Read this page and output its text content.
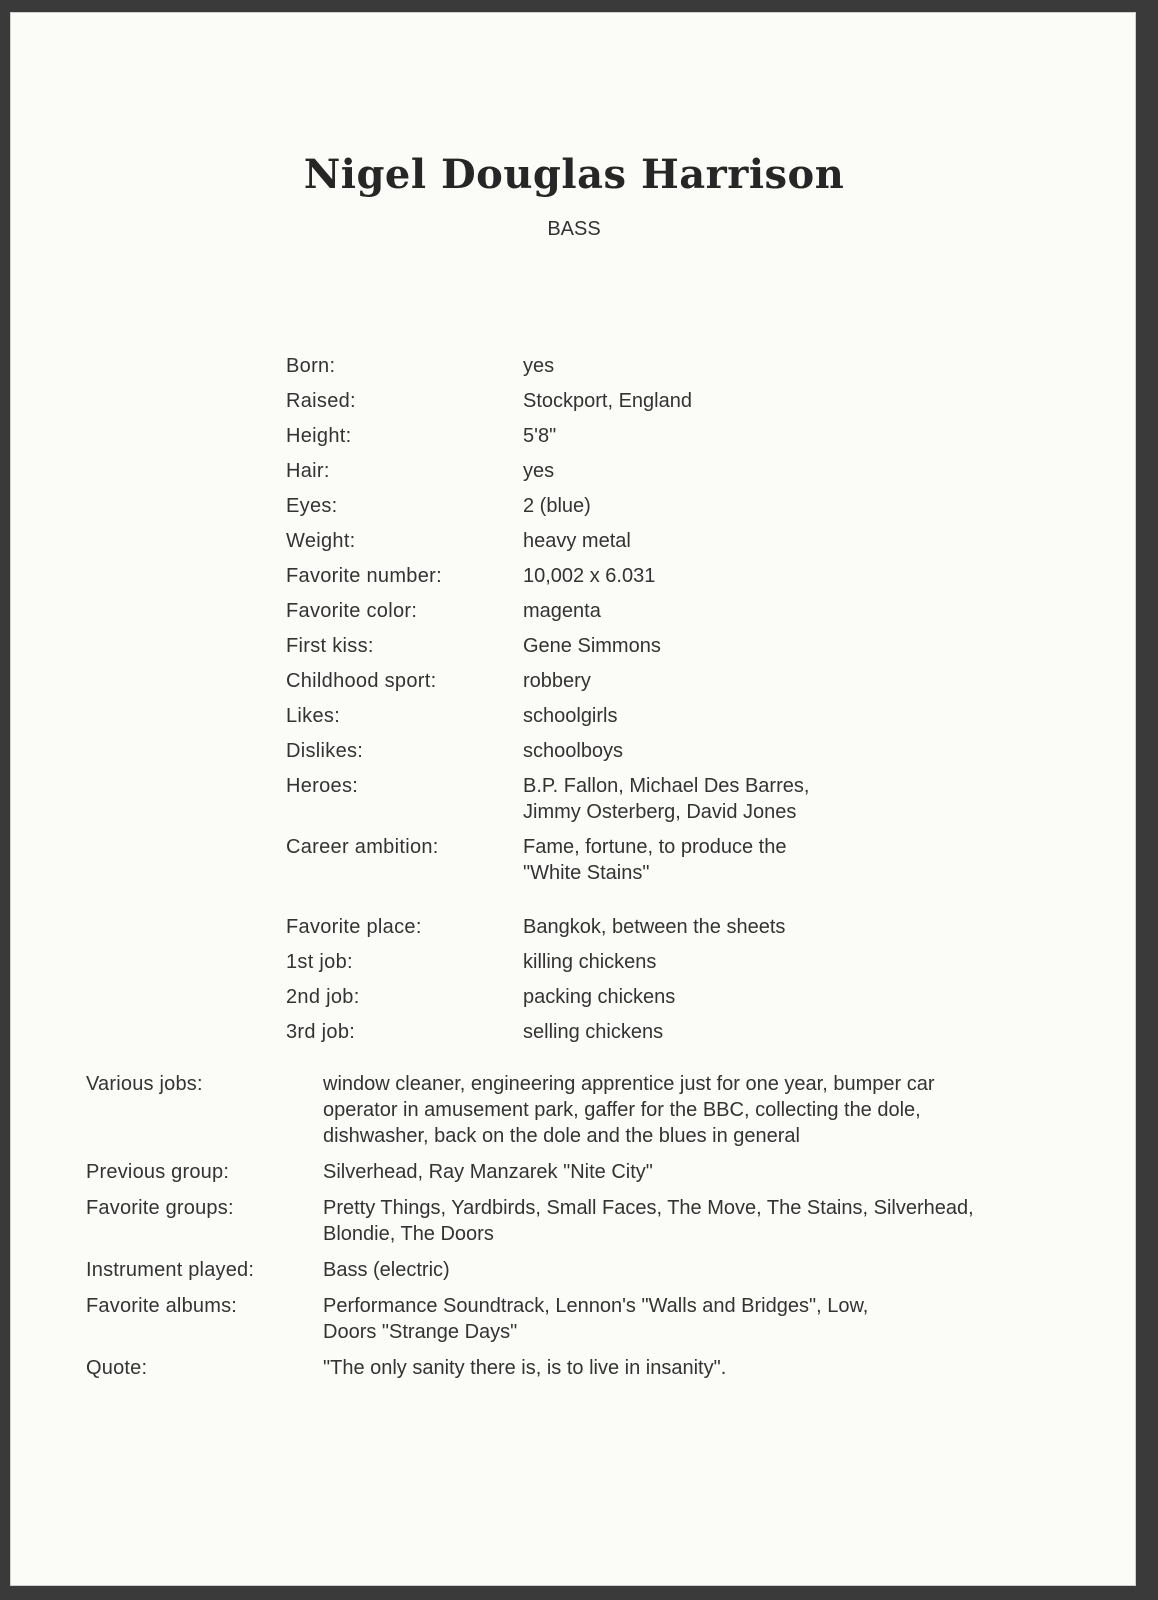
Nigel Douglas Harrison
BASS
Born:	yes
Raised:	Stockport, England
Height:	5'8"
Hair:	yes
Eyes:	2 (blue)
Weight:	heavy metal
Favorite number:	10,002 x 6.031
Favorite color:	magenta
First kiss:	Gene Simmons
Childhood sport:	robbery
Likes:	schoolgirls
Dislikes:	schoolboys
Heroes:	B.P. Fallon, Michael Des Barres,
Jimmy Osterberg, David Jones
Career ambition:	Fame, fortune, to produce the
"White Stains"
Favorite place:	Bangkok, between the sheets
1st job:	killing chickens
2nd job:	packing chickens
3rd job:	selling chickens
Various jobs:	window cleaner, engineering apprentice just for one year, bumper car
operator in amusement park, gaffer for the BBC, collecting the dole,
dishwasher, back on the dole and the blues in general
Previous group:	Silverhead, Ray Manzarek "Nite City"
Favorite groups:	Pretty Things, Yardbirds, Small Faces, The Move, The Stains, Silverhead,
Blondie, The Doors
Instrument played:	Bass (electric)
Favorite albums:	Performance Soundtrack, Lennon's "Walls and Bridges", Low,
Doors "Strange Days"
Quote:	"The only sanity there is, is to live in insanity".
